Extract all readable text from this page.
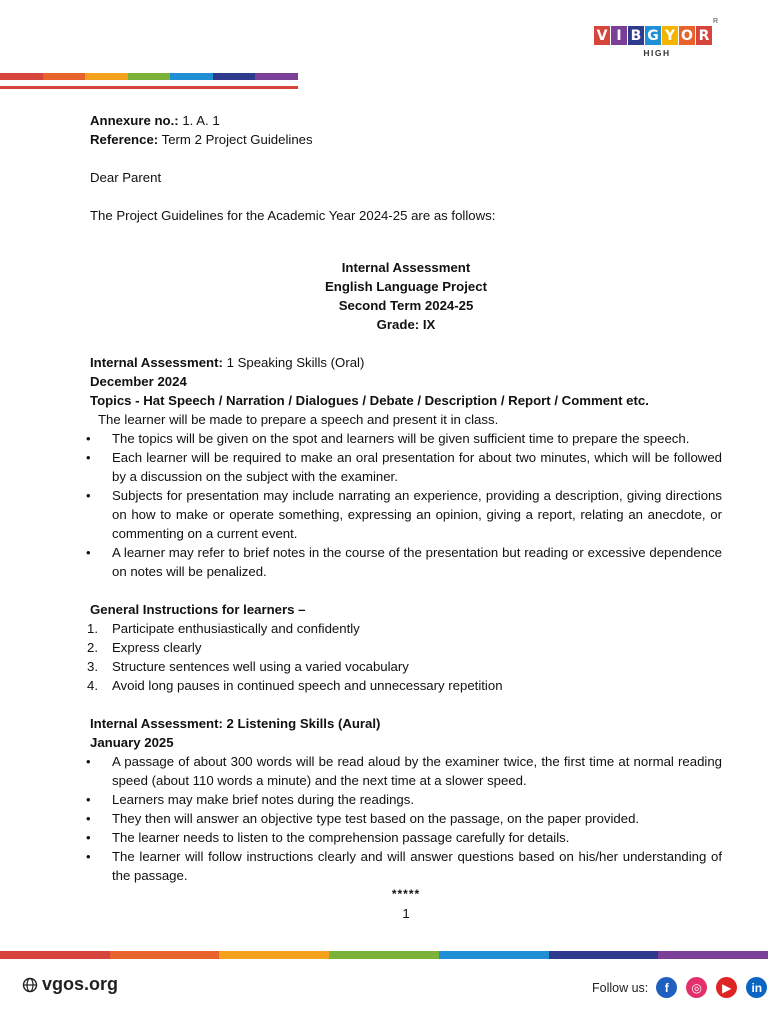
V I B G Y O R
HIGH
R

Annexure no.: 1. A. 1

Reference: Term 2 Project Guidelines

Dear Parent

The Project Guidelines for the Academic Year 2024-25 are as follows:

Internal Assessment

English Language Project

Second Term 2024-25

Grade: IX

Internal Assessment: 1 Speaking Skills (Oral)

December 2024

Topics - Hat Speech / Narration / Dialogues / Debate / Description / Report / Comment etc.

The learner will be made to prepare a speech and present it in class.

• The topics will be given on the spot and learners will be given sufficient time to prepare the speech.
• Each learner will be required to make an oral presentation for about two minutes, which will be followed by a discussion on the subject with the examiner.
• Subjects for presentation may include narrating an experience, providing a description, giving directions on how to make or operate something, expressing an opinion, giving a report, relating an anecdote, or commenting on a current event.
• A learner may refer to brief notes in the course of the presentation but reading or excessive dependence on notes will be penalized.

General Instructions for learners –

1. Participate enthusiastically and confidently
2. Express clearly
3. Structure sentences well using a varied vocabulary
4. Avoid long pauses in continued speech and unnecessary repetition

Internal Assessment: 2 Listening Skills (Aural)

January 2025

• A passage of about 300 words will be read aloud by the examiner twice, the first time at normal reading speed (about 110 words a minute) and the next time at a slower speed.
• Learners may make brief notes during the readings.
• They then will answer an objective type test based on the passage, on the paper provided.
• The learner needs to listen to the comprehension passage carefully for details.
• The learner will follow instructions clearly and will answer questions based on his/her understanding of the passage.

*****

1

vgos.org	Follow us:	f	◎	▶	in
